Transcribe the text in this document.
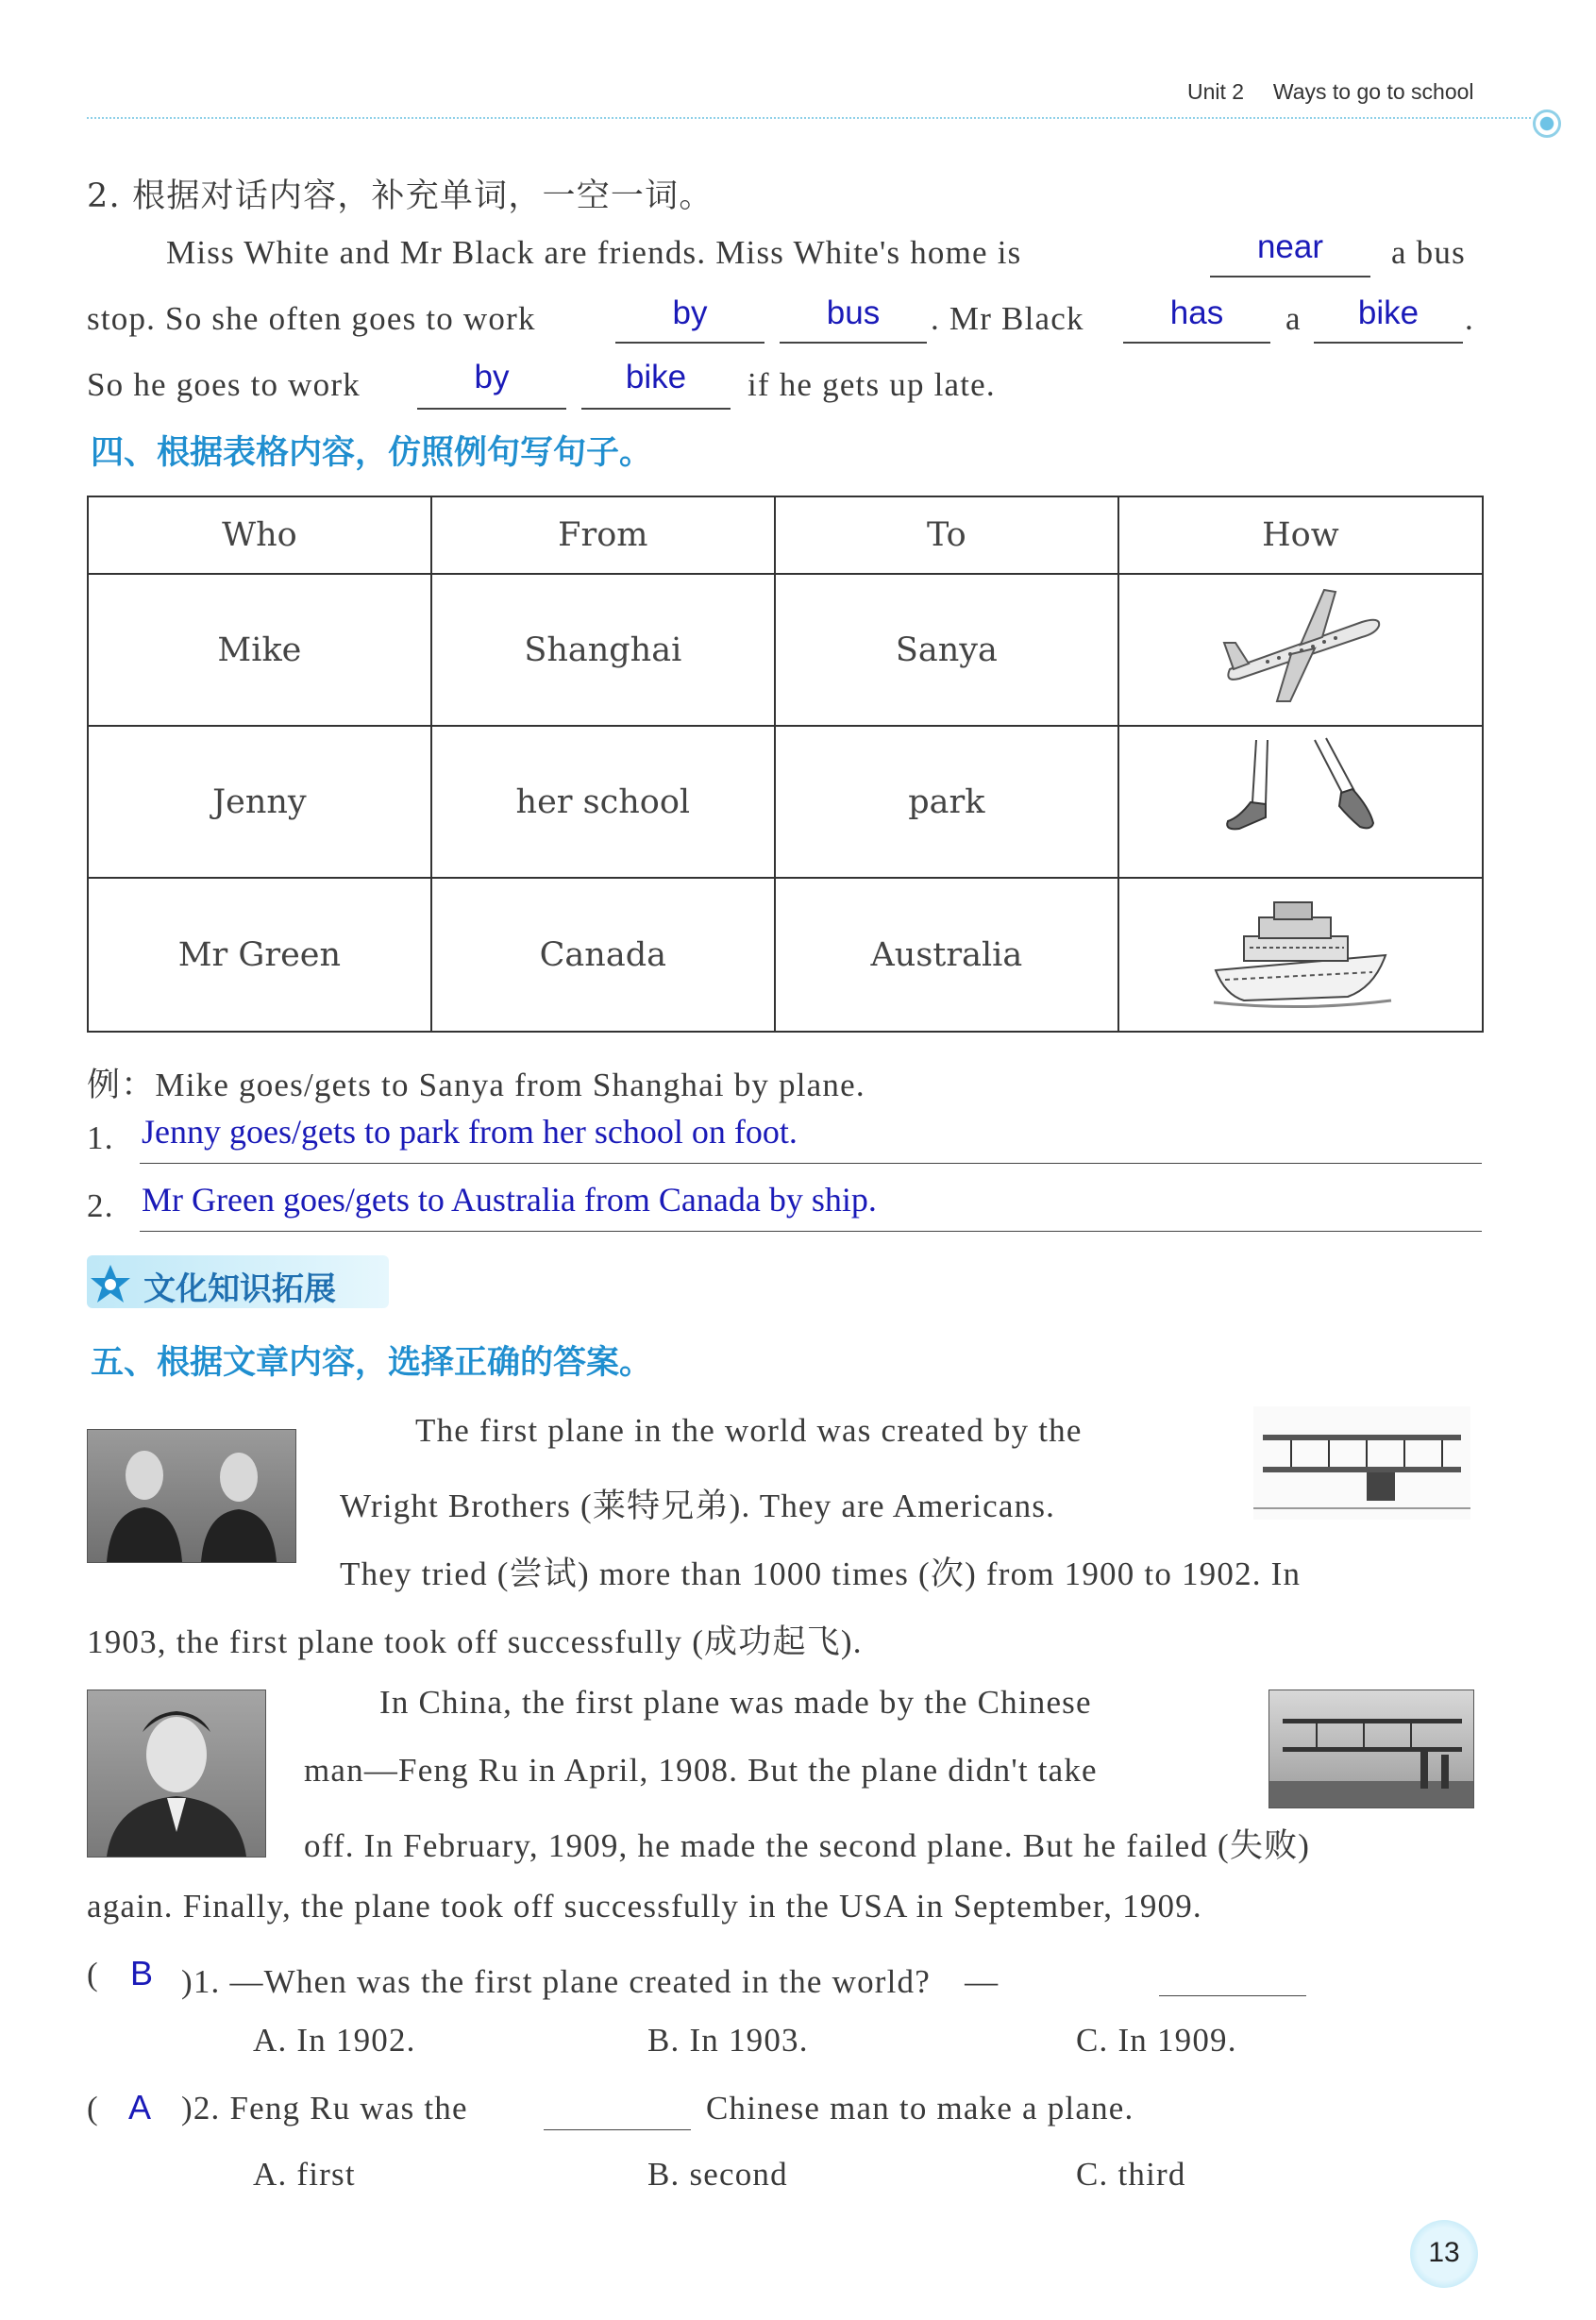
Unit 2 Ways to go to school
2. 根据对话内容，补充单词，一空一词。
Miss White and Mr Black are friends. Miss White's home is	near	a bus
stop. So she often goes to work	by	bus	. Mr Black	has	a	bike	.
So he goes to work	by	bike	if he gets up late.
四、根据表格内容，仿照例句写句子。
Who	From	To	How
Mike	Shanghai	Sanya	
Jenny	her school	park	
Mr Green	Canada	Australia	
例：Mike goes/gets to Sanya from Shanghai by plane.
1. Jenny goes/gets to park from her school on foot.
2. Mr Green goes/gets to Australia from Canada by ship.
文化知识拓展
五、根据文章内容，选择正确的答案。
The first plane in the world was created by the
Wright Brothers (莱特兄弟). They are Americans.
They tried (尝试) more than 1000 times (次) from 1900 to 1902. In
1903, the first plane took off successfully (成功起飞).
In China, the first plane was made by the Chinese
man—Feng Ru in April, 1908. But the plane didn't take
off. In February, 1909, he made the second plane. But he failed (失败)
again. Finally, the plane took off successfully in the USA in September, 1909.
( B )1. —When was the first plane created in the world?　—
A. In 1902.	B. In 1903.	C. In 1909.
( A )2. Feng Ru was the	Chinese man to make a plane.
A. first	B. second	C. third
13
